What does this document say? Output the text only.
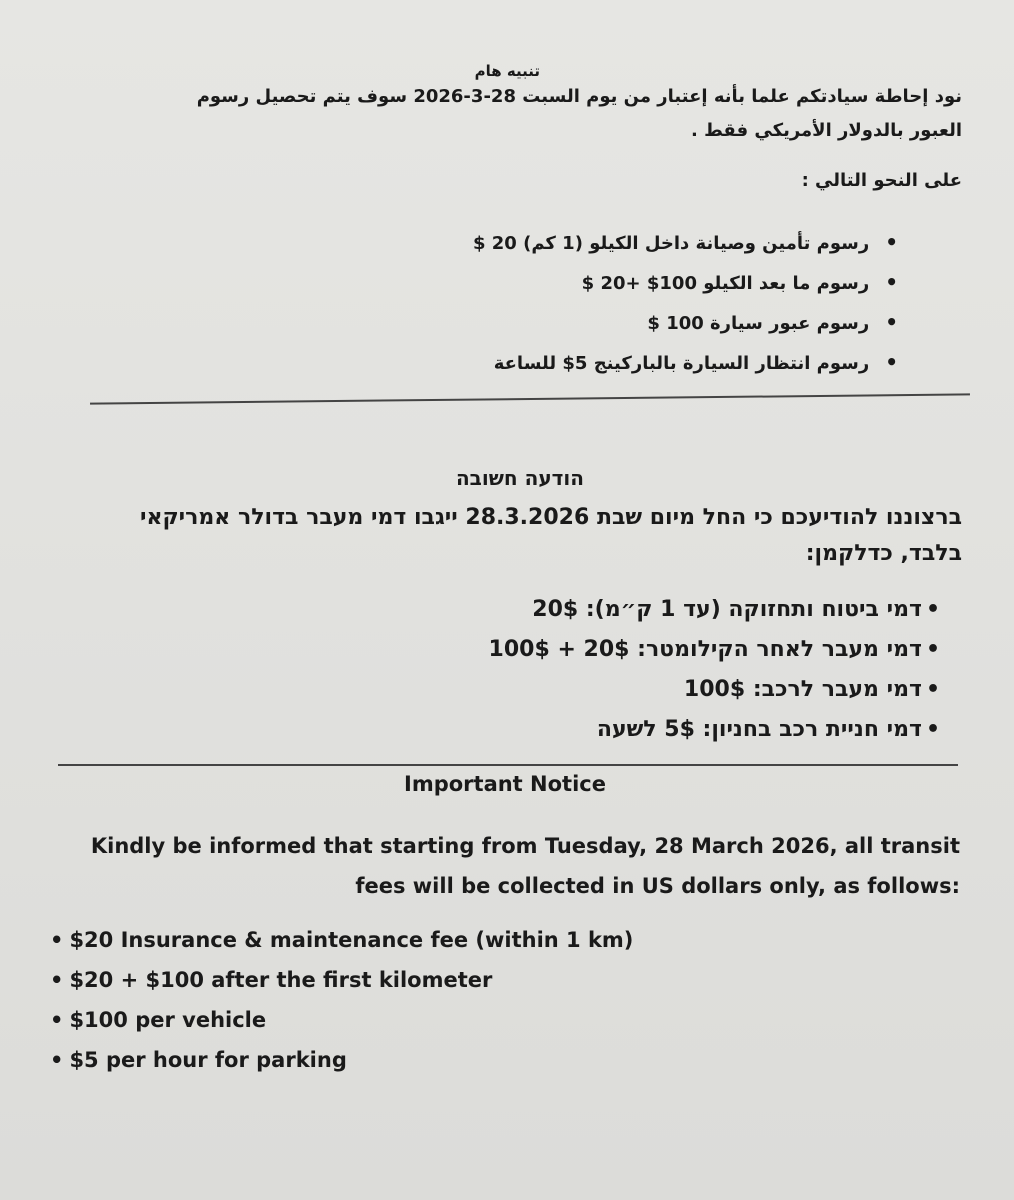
تنبيه هام
نود إحاطة سيادتكم علما بأنه إعتبار من يوم السبت 28-3-2026 سوف يتم تحصيل رسوم العبور بالدولار الأمريكي فقط .
على النحو التالي :
• رسوم تأمين وصيانة داخل الكيلو (1 كم) 20 $
• رسوم ما بعد الكيلو 100$ +20 $
• رسوم عبور سيارة 100 $
• رسوم انتظار السيارة بالباركينج 5$ للساعة
הודעה חשובה
ברצוננו להודיעכם כי החל מיום שבת 28.3.2026 ייגבו דמי מעבר בדולר אמריקאי בלבד, כדלקמן:
• דמי ביטוח ותחזוקה (עד 1 ק״מ): 20$
• דמי מעבר לאחר הקילומטר: 20$ + 100$
• דמי מעבר לרכב: 100$
• דמי חניית רכב בחניון: 5$ לשעה
Important Notice
Kindly be informed that starting from Tuesday, 28 March 2026, all transit fees will be collected in US dollars only, as follows:
• $20 Insurance & maintenance fee (within 1 km)
• $20 + $100 after the first kilometer
• $100 per vehicle
• $5 per hour for parking
